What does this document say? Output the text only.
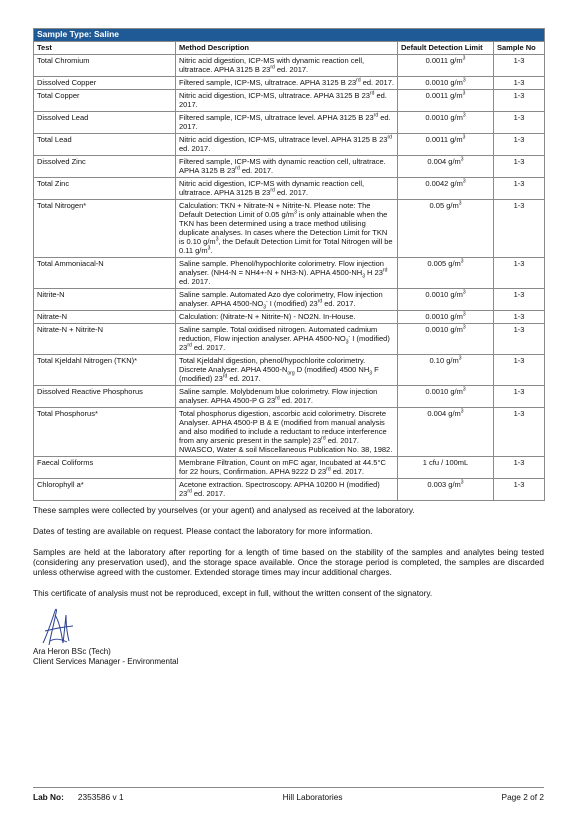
Sample Type: Saline			
Test	Method Description	Default Detection Limit	Sample No
Total Chromium	Nitric acid digestion, ICP-MS with dynamic reaction cell, ultratrace. APHA 3125 B 23rd ed. 2017.	0.0011 $g/m^3$	1-3
Dissolved Copper	Filtered sample, ICP-MS, ultratrace. APHA 3125 B 23rd ed. 2017.	0.0010 $g/m^3$	1-3
Total Copper	Nitric acid digestion, ICP-MS, ultratrace. APHA 3125 B 23rd ed. 2017.	0.0011 $g/m^3$	1-3
Dissolved Lead	Filtered sample, ICP-MS, ultratrace level. APHA 3125 B 23rd ed. 2017.	0.0010 $g/m^3$	1-3
Total Lead	Nitric acid digestion, ICP-MS, ultratrace level. APHA 3125 B 23rd ed. 2017.	0.0011 $g/m^3$	1-3
Dissolved Zinc	Filtered sample, ICP-MS with dynamic reaction cell, ultratrace. APHA 3125 B 23rd ed. 2017.	0.004 $g/m^3$	1-3
Total Zinc	Nitric acid digestion, ICP-MS with dynamic reaction cell, ultratrace. APHA 3125 B 23rd ed. 2017.	0.0042 $g/m^3$	1-3
Total Nitrogen*	Calculation: TKN + Nitrate-N + Nitrite-N. Please note: The Default Detection Limit of 0.05 $g/m^3$ is only attainable when the TKN has been determined using a trace method utilising duplicate analyses. In cases where the Detection Limit for TKN is 0.10 $g/m^3$, the Default Detection Limit for Total Nitrogen will be 0.11 $g/m^3$.	0.05 $g/m^3$	1-3
Total Ammoniacal-N	Saline sample. Phenol/hypochlorite colorimetry. Flow injection analyser. (NH4-N = NH4+-N + NH3-N). APHA $4500-NH_3$ H 23rd ed. 2017.	0.005 $g/m^3$	1-3
Nitrite-N	Saline sample. Automated Azo dye colorimetry, Flow injection analyser. APHA $4500-NO_3^-$ I (modified) 23rd ed. 2017.	0.0010 $g/m^3$	1-3
Nitrate-N	Calculation: (Nitrate-N + Nitrite-N) - NO2N. In-House.	0.0010 $g/m^3$	1-3
Nitrate-N + Nitrite-N	Saline sample. Total oxidised nitrogen. Automated cadmium reduction, Flow injection analyser. APHA $4500-NO_3^-$ I (modified) 23rd ed. 2017.	0.0010 $g/m^3$	1-3
Total Kjeldahl Nitrogen (TKN)*	Total Kjeldahl digestion, phenol/hypochlorite colorimetry. Discrete Analyser. APHA $4500-N_{org}$ D (modified) 4500 $NH_3$ F (modified) 23rd ed. 2017.	0.10 $g/m^3$	1-3
Dissolved Reactive Phosphorus	Saline sample. Molybdenum blue colorimetry. Flow injection analyser. APHA 4500-P G 23rd ed. 2017.	0.0010 $g/m^3$	1-3
Total Phosphorus*	Total phosphorus digestion, ascorbic acid colorimetry. Discrete Analyser. APHA 4500-P B & E (modified from manual analysis and also modified to include a reductant to reduce interference from any arsenic present in the sample) 23rd ed. 2017. NWASCO, Water & soil Miscellaneous Publication No. 38, 1982.	0.004 $g/m^3$	1-3
Faecal Coliforms	Membrane Filtration, Count on mFC agar, Incubated at 44.5°C for 22 hours, Confirmation. APHA 9222 D 23rd ed. 2017.	1 cfu / 100mL	1-3
Chlorophyll a*	Acetone extraction. Spectroscopy. APHA 10200 H (modified) 23rd ed. 2017.	0.003 $g/m^3$	1-3

These samples were collected by yourselves (or your agent) and analysed as received at the laboratory.

Dates of testing are available on request. Please contact the laboratory for more information.

Samples are held at the laboratory after reporting for a length of time based on the stability of the samples and analytes being tested (considering any preservation used), and the storage space available. Once the storage period is completed, the samples are discarded unless otherwise agreed with the customer. Extended storage times may incur additional charges.

This certificate of analysis must not be reproduced, except in full, without the written consent of the signatory.

Ara Heron BSc (Tech)
Client Services Manager - Environmental
Lab No: 2353586 v 1	Hill Laboratories	Page 2 of 2
